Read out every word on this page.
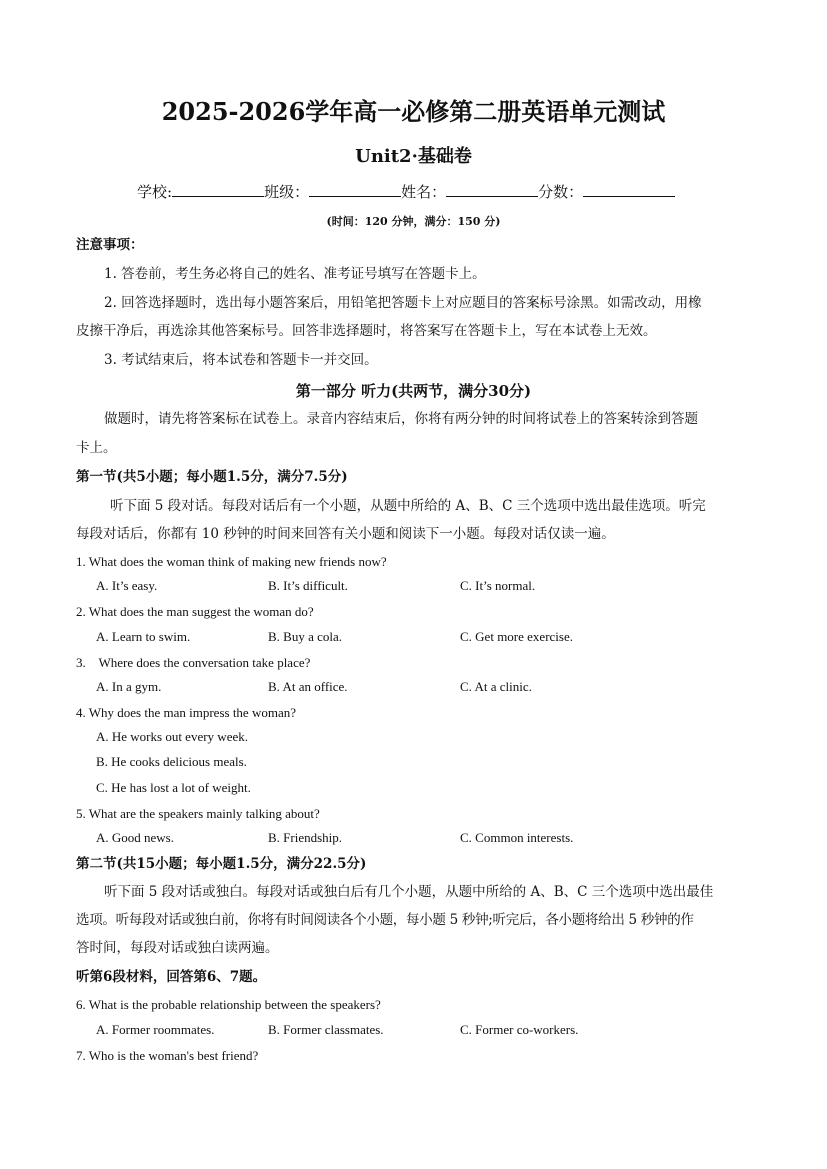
2025-2026学年高一必修第二册英语单元测试
Unit2·基础卷
学校:	班级：	姓名：	分数：
(时间：120 分钟，满分：150 分)
注意事项：
1. 答卷前，考生务必将自己的姓名、准考证号填写在答题卡上。
2. 回答选择题时，选出每小题答案后，用铅笔把答题卡上对应题目的答案标号涂黑。如需改动，用橡
皮擦干净后，再选涂其他答案标号。回答非选择题时，将答案写在答题卡上，写在本试卷上无效。
3. 考试结束后，将本试卷和答题卡一并交回。
第一部分 听力(共两节，满分30分)
做题时，请先将答案标在试卷上。录音内容结束后，你将有两分钟的时间将试卷上的答案转涂到答题
卡上。
第一节(共5小题；每小题1.5分，满分7.5分)
听下面 5 段对话。每段对话后有一个小题，从题中所给的 A、B、C 三个选项中选出最佳选项。听完
每段对话后，你都有 10 秒钟的时间来回答有关小题和阅读下一小题。每段对话仅读一遍。
1. What does the woman think of making new friends now?
A. It’s easy.	B. It’s difficult.	C. It’s normal.
2. What does the man suggest the woman do?
A. Learn to swim.	B. Buy a cola.	C. Get more exercise.
3.    Where does the conversation take place?
A. In a gym.	B. At an office.	C. At a clinic.
4. Why does the man impress the woman?
A. He works out every week.
B. He cooks delicious meals.
C. He has lost a lot of weight.
5. What are the speakers mainly talking about?
A. Good news.	B. Friendship.	C. Common interests.
第二节(共15小题；每小题1.5分，满分22.5分)
听下面 5 段对话或独白。每段对话或独白后有几个小题，从题中所给的 A、B、C 三个选项中选出最佳
选项。听每段对话或独白前，你将有时间阅读各个小题，每小题 5 秒钟;听完后，各小题将给出 5 秒钟的作
答时间，每段对话或独白读两遍。
听第6段材料，回答第6、7题。
6. What is the probable relationship between the speakers?
A. Former roommates.	B. Former classmates.	C. Former co-workers.
7. Who is the woman's best friend?
